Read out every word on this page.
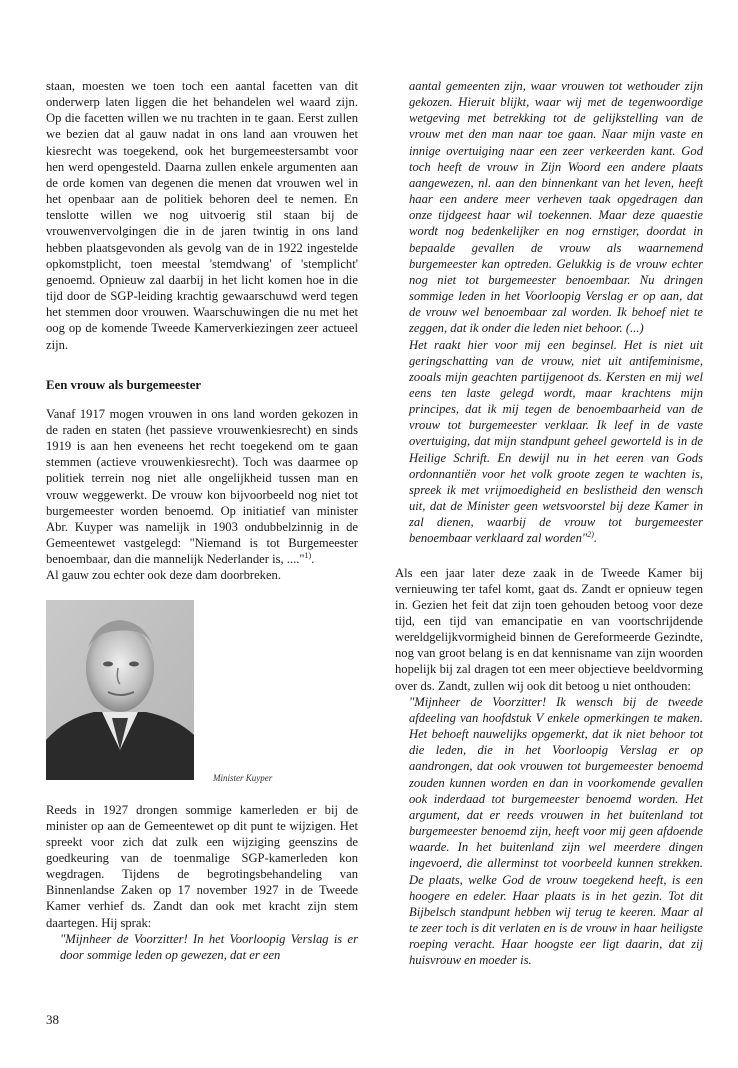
staan, moesten we toen toch een aantal facetten van dit onderwerp laten liggen die het behandelen wel waard zijn. Op die facetten willen we nu trachten in te gaan. Eerst zullen we bezien dat al gauw nadat in ons land aan vrouwen het kiesrecht was toegekend, ook het burgemeestersambt voor hen werd opengesteld. Daarna zullen enkele argumenten aan de orde komen van degenen die menen dat vrouwen wel in het openbaar aan de politiek behoren deel te nemen. En tenslotte willen we nog uitvoerig stil staan bij de vrouwenvervolgingen die in de jaren twintig in ons land hebben plaatsgevonden als gevolg van de in 1922 ingestelde opkomstplicht, toen meestal 'stemdwang' of 'stemplicht' genoemd. Opnieuw zal daarbij in het licht komen hoe in die tijd door de SGP-leiding krachtig gewaarschuwd werd tegen het stemmen door vrouwen. Waarschuwingen die nu met het oog op de komende Tweede Kamerverkiezingen zeer actueel zijn.

Een vrouw als burgemeester

Vanaf 1917 mogen vrouwen in ons land worden gekozen in de raden en staten (het passieve vrouwenkiesrecht) en sinds 1919 is aan hen eveneens het recht toegekend om te gaan stemmen (actieve vrouwenkiesrecht). Toch was daarmee op politiek terrein nog niet alle ongelijkheid tussen man en vrouw weggewerkt. De vrouw kon bijvoorbeeld nog niet tot burgemeester worden benoemd. Op initiatief van minister Abr. Kuyper was namelijk in 1903 ondubbelzinnig in de Gemeentewet vastgelegd: "Niemand is tot Burgemeester benoembaar, dan die mannelijk Nederlander is, ...."$^{1)}$.

Al gauw zou echter ook deze dam doorbreken.

Minister Kuyper

Reeds in 1927 drongen sommige kamerleden er bij de minister op aan de Gemeentewet op dit punt te wijzigen. Het spreekt voor zich dat zulk een wijziging geenszins de goedkeuring van de toenmalige SGP-kamerleden kon wegdragen. Tijdens de begrotingsbehandeling van Binnenlandse Zaken op 17 november 1927 in de Tweede Kamer verhief ds. Zandt dan ook met kracht zijn stem daartegen. Hij sprak:

"Mijnheer de Voorzitter! In het Voorloopig Verslag is er door sommige leden op gewezen, dat er een

aantal gemeenten zijn, waar vrouwen tot wethouder zijn gekozen. Hieruit blijkt, waar wij met de tegenwoordige wetgeving met betrekking tot de gelijkstelling van de vrouw met den man naar toe gaan. Naar mijn vaste en innige overtuiging naar een zeer verkeerden kant. God toch heeft de vrouw in Zijn Woord een andere plaats aangewezen, nl. aan den binnenkant van het leven, heeft haar een andere meer verheven taak opgedragen dan onze tijdgeest haar wil toekennen. Maar deze quaestie wordt nog bedenkelijker en nog ernstiger, doordat in bepaalde gevallen de vrouw als waarnemend burgemeester kan optreden. Gelukkig is de vrouw echter nog niet tot burgemeester benoembaar. Nu dringen sommige leden in het Voorloopig Verslag er op aan, dat de vrouw wel benoembaar zal worden. Ik behoef niet te zeggen, dat ik onder die leden niet behoor. (...)

Het raakt hier voor mij een beginsel. Het is niet uit geringschatting van de vrouw, niet uit antifeminisme, zooals mijn geachten partijgenoot ds. Kersten en mij wel eens ten laste gelegd wordt, maar krachtens mijn principes, dat ik mij tegen de benoembaarheid van de vrouw tot burgemeester verklaar. Ik leef in de vaste overtuiging, dat mijn standpunt geheel geworteld is in de Heilige Schrift. En dewijl nu in het eeren van Gods ordonnantiën voor het volk groote zegen te wachten is, spreek ik met vrijmoedigheid en beslistheid den wensch uit, dat de Minister geen wetsvoorstel bij deze Kamer in zal dienen, waarbij de vrouw tot burgemeester benoembaar verklaard zal worden"$^{2)}$.

Als een jaar later deze zaak in de Tweede Kamer bij vernieuwing ter tafel komt, gaat ds. Zandt er opnieuw tegen in. Gezien het feit dat zijn toen gehouden betoog voor deze tijd, een tijd van emancipatie en van voortschrijdende wereldgelijkvormigheid binnen de Gereformeerde Gezindte, nog van groot belang is en dat kennisname van zijn woorden hopelijk bij zal dragen tot een meer objectieve beeldvorming over ds. Zandt, zullen wij ook dit betoog u niet onthouden:

"Mijnheer de Voorzitter! Ik wensch bij de tweede afdeeling van hoofdstuk V enkele opmerkingen te maken. Het behoeft nauwelijks opgemerkt, dat ik niet behoor tot die leden, die in het Voorloopig Verslag er op aandrongen, dat ook vrouwen tot burgemeester benoemd zouden kunnen worden en dan in voorkomende gevallen ook inderdaad tot burgemeester benoemd worden. Het argument, dat er reeds vrouwen in het buitenland tot burgemeester benoemd zijn, heeft voor mij geen afdoende waarde. In het buitenland zijn wel meerdere dingen ingevoerd, die allerminst tot voorbeeld kunnen strekken. De plaats, welke God de vrouw toegekend heeft, is een hoogere en edeler. Haar plaats is in het gezin. Tot dit Bijbelsch standpunt hebben wij terug te keeren. Maar al te zeer toch is dit verlaten en is de vrouw in haar heiligste roeping veracht. Haar hoogste eer ligt daarin, dat zij huisvrouw en moeder is.

38
